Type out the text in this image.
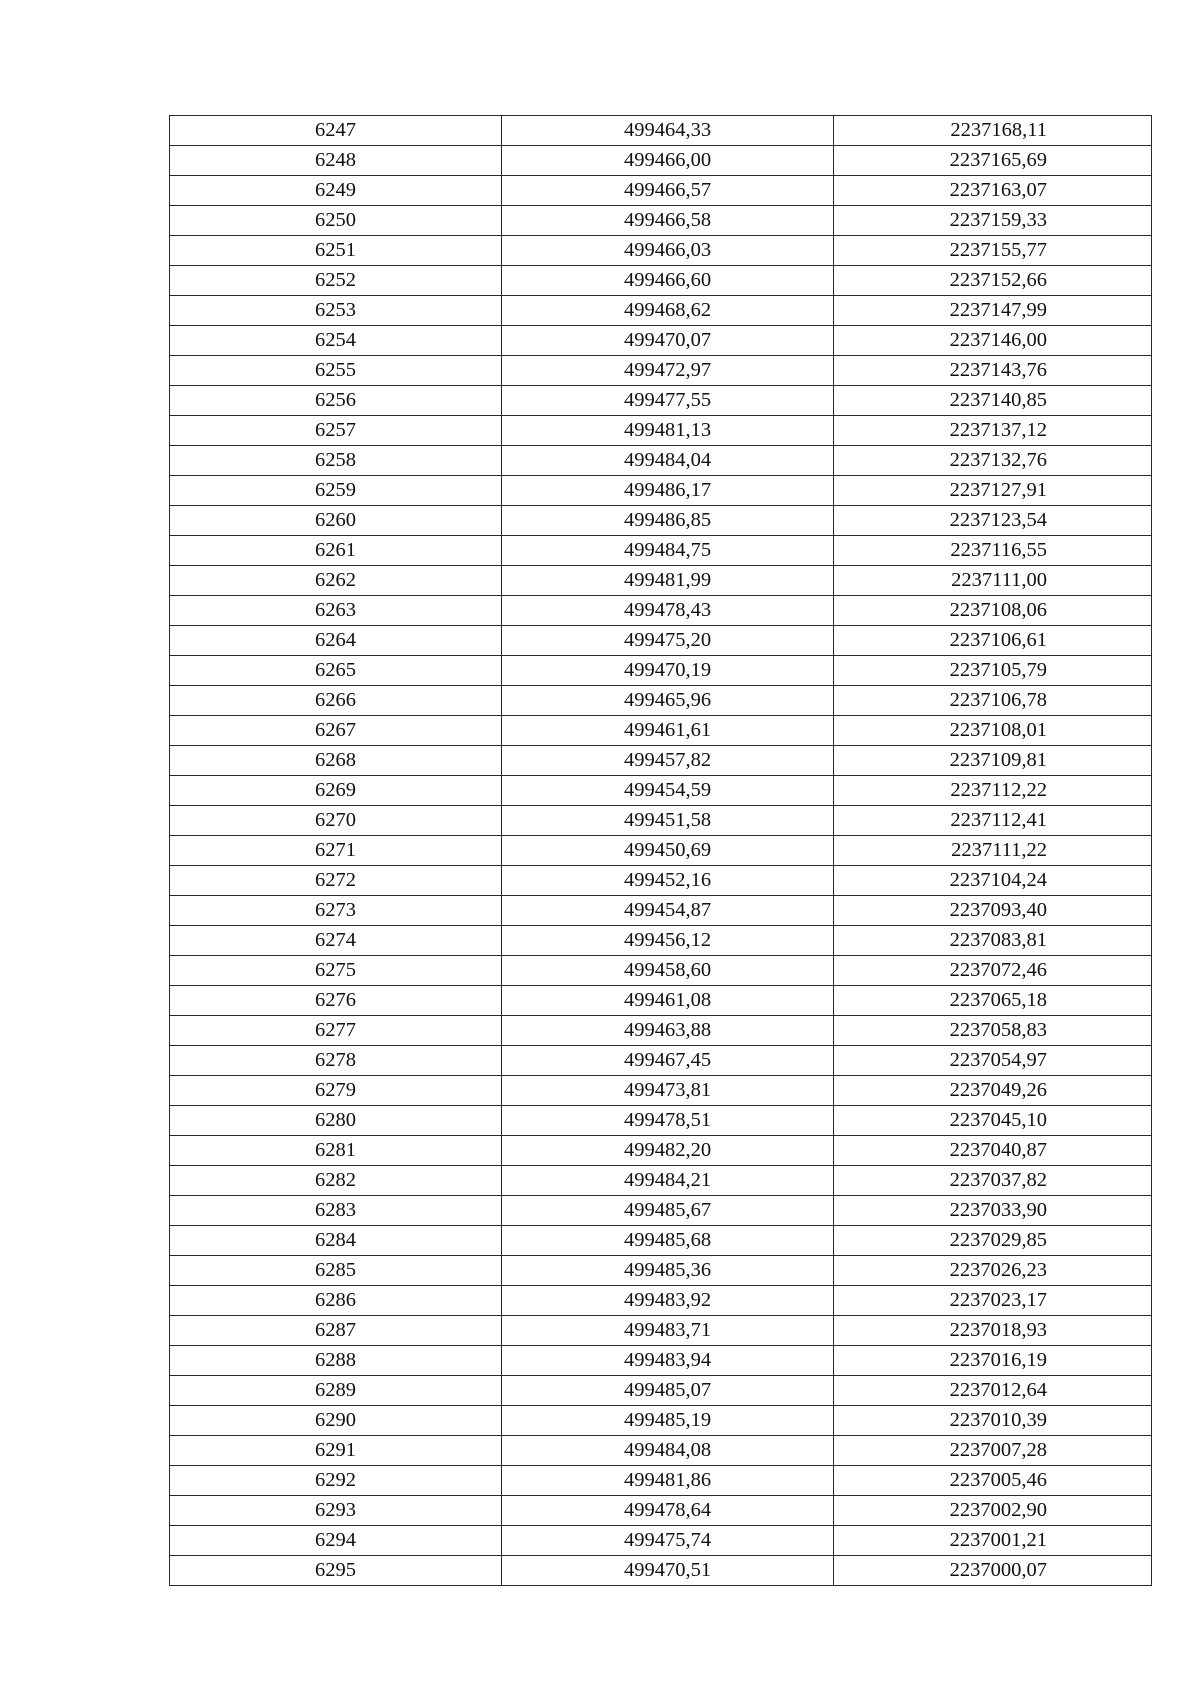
6247	499464,33	2237168,11
6248	499466,00	2237165,69
6249	499466,57	2237163,07
6250	499466,58	2237159,33
6251	499466,03	2237155,77
6252	499466,60	2237152,66
6253	499468,62	2237147,99
6254	499470,07	2237146,00
6255	499472,97	2237143,76
6256	499477,55	2237140,85
6257	499481,13	2237137,12
6258	499484,04	2237132,76
6259	499486,17	2237127,91
6260	499486,85	2237123,54
6261	499484,75	2237116,55
6262	499481,99	2237111,00
6263	499478,43	2237108,06
6264	499475,20	2237106,61
6265	499470,19	2237105,79
6266	499465,96	2237106,78
6267	499461,61	2237108,01
6268	499457,82	2237109,81
6269	499454,59	2237112,22
6270	499451,58	2237112,41
6271	499450,69	2237111,22
6272	499452,16	2237104,24
6273	499454,87	2237093,40
6274	499456,12	2237083,81
6275	499458,60	2237072,46
6276	499461,08	2237065,18
6277	499463,88	2237058,83
6278	499467,45	2237054,97
6279	499473,81	2237049,26
6280	499478,51	2237045,10
6281	499482,20	2237040,87
6282	499484,21	2237037,82
6283	499485,67	2237033,90
6284	499485,68	2237029,85
6285	499485,36	2237026,23
6286	499483,92	2237023,17
6287	499483,71	2237018,93
6288	499483,94	2237016,19
6289	499485,07	2237012,64
6290	499485,19	2237010,39
6291	499484,08	2237007,28
6292	499481,86	2237005,46
6293	499478,64	2237002,90
6294	499475,74	2237001,21
6295	499470,51	2237000,07
